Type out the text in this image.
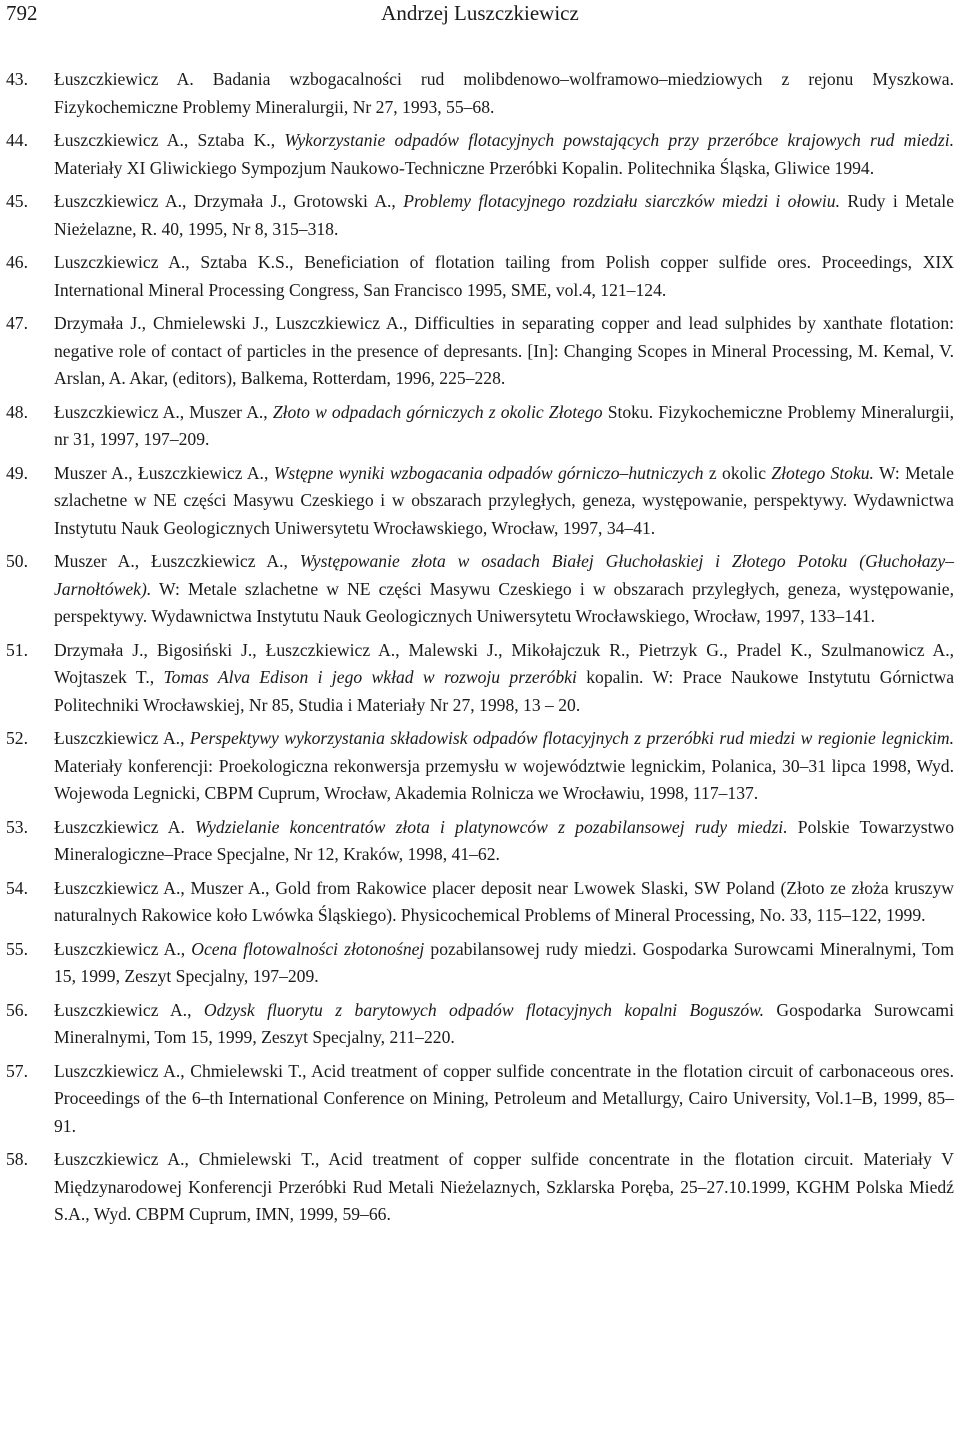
792	Andrzej Luszczkiewicz
43. Łuszczkiewicz A. Badania wzbogacalności rud molibdenowo–wolframowo–miedziowych z rejonu Myszkowa. Fizykochemiczne Problemy Mineralurgii, Nr 27, 1993, 55–68.
44. Łuszczkiewicz A., Sztaba K., Wykorzystanie odpadów flotacyjnych powstających przy przeróbce krajowych rud miedzi. Materiały XI Gliwickiego Sympozjum Naukowo-Techniczne Przeróbki Kopalin. Politechnika Śląska, Gliwice 1994.
45. Łuszczkiewicz A., Drzymała J., Grotowski A., Problemy flotacyjnego rozdziału siarczków miedzi i ołowiu. Rudy i Metale Nieżelazne, R. 40, 1995, Nr 8, 315–318.
46. Luszczkiewicz A., Sztaba K.S., Beneficiation of flotation tailing from Polish copper sulfide ores. Proceedings, XIX International Mineral Processing Congress, San Francisco 1995, SME, vol.4, 121–124.
47. Drzymała J., Chmielewski J., Luszczkiewicz A., Difficulties in separating copper and lead sulphides by xanthate flotation: negative role of contact of particles in the presence of depresants. [In]: Changing Scopes in Mineral Processing, M. Kemal, V. Arslan, A. Akar, (editors), Balkema, Rotterdam, 1996, 225–228.
48. Łuszczkiewicz A., Muszer A., Złoto w odpadach górniczych z okolic Złotego Stoku. Fizykochemiczne Problemy Mineralurgii, nr 31, 1997, 197–209.
49. Muszer A., Łuszczkiewicz A., Wstępne wyniki wzbogacania odpadów górniczo–hutniczych z okolic Złotego Stoku. W: Metale szlachetne w NE części Masywu Czeskiego i w obszarach przyległych, geneza, występowanie, perspektywy. Wydawnictwa Instytutu Nauk Geologicznych Uniwersytetu Wrocławskiego, Wrocław, 1997, 34–41.
50. Muszer A., Łuszczkiewicz A., Występowanie złota w osadach Białej Głuchołaskiej i Złotego Potoku (Głuchołazy–Jarnołtówek). W: Metale szlachetne w NE części Masywu Czeskiego i w obszarach przyległych, geneza, występowanie, perspektywy. Wydawnictwa Instytutu Nauk Geologicznych Uniwersytetu Wrocławskiego, Wrocław, 1997, 133–141.
51. Drzymała J., Bigosiński J., Łuszczkiewicz A., Malewski J., Mikołajczuk R., Pietrzyk G., Pradel K., Szulmanowicz A., Wojtaszek T., Tomas Alva Edison i jego wkład w rozwoju przeróbki kopalin. W: Prace Naukowe Instytutu Górnictwa Politechniki Wrocławskiej, Nr 85, Studia i Materiały Nr 27, 1998, 13 – 20.
52. Łuszczkiewicz A., Perspektywy wykorzystania składowisk odpadów flotacyjnych z przeróbki rud miedzi w regionie legnickim. Materiały konferencji: Proekologiczna rekonwersja przemysłu w województwie legnickim, Polanica, 30–31 lipca 1998, Wyd. Wojewoda Legnicki, CBPM Cuprum, Wrocław, Akademia Rolnicza we Wrocławiu, 1998, 117–137.
53. Łuszczkiewicz A. Wydzielanie koncentratów złota i platynowców z pozabilansowej rudy miedzi. Polskie Towarzystwo Mineralogiczne–Prace Specjalne, Nr 12, Kraków, 1998, 41–62.
54. Łuszczkiewicz A., Muszer A., Gold from Rakowice placer deposit near Lwowek Slaski, SW Poland (Złoto ze złoża kruszyw naturalnych Rakowice koło Lwówka Śląskiego). Physicochemical Problems of Mineral Processing, No. 33, 115–122, 1999.
55. Łuszczkiewicz A., Ocena flotowalności złotonośnej pozabilansowej rudy miedzi. Gospodarka Surowcami Mineralnymi, Tom 15, 1999, Zeszyt Specjalny, 197–209.
56. Łuszczkiewicz A., Odzysk fluorytu z barytowych odpadów flotacyjnych kopalni Boguszów. Gospodarka Surowcami Mineralnymi, Tom 15, 1999, Zeszyt Specjalny, 211–220.
57. Luszczkiewicz A., Chmielewski T., Acid treatment of copper sulfide concentrate in the flotation circuit of carbonaceous ores. Proceedings of the 6–th International Conference on Mining, Petroleum and Metallurgy, Cairo University, Vol.1–B, 1999, 85–91.
58. Łuszczkiewicz A., Chmielewski T., Acid treatment of copper sulfide concentrate in the flotation circuit. Materiały V Międzynarodowej Konferencji Przeróbki Rud Metali Nieżelaznych, Szklarska Poręba, 25–27.10.1999, KGHM Polska Miedź S.A., Wyd. CBPM Cuprum, IMN, 1999, 59–66.
